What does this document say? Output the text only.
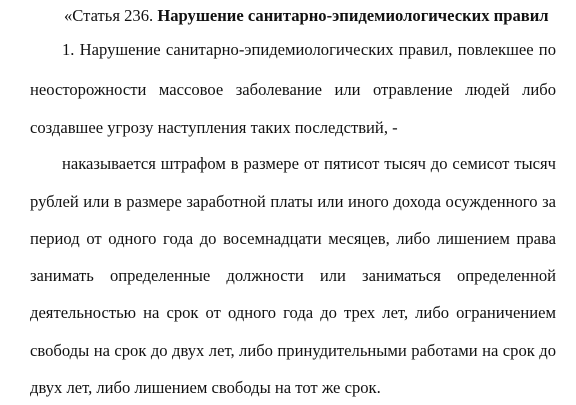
«Статья 236. Нарушение санитарно-эпидемиологических правил

1. Нарушение санитарно-эпидемиологических правил, повлекшее по

неосторожности массовое заболевание или отравление людей либо

создавшее угрозу наступления таких последствий, -

наказывается штрафом в размере от пятисот тысяч до семисот тысяч

рублей или в размере заработной платы или иного дохода осужденного за

период от одного года до восемнадцати месяцев, либо лишением права

занимать определенные должности или заниматься определенной

деятельностью на срок от одного года до трех лет, либо ограничением

свободы на срок до двух лет, либо принудительными работами на срок до

двух лет, либо лишением свободы на тот же срок.
